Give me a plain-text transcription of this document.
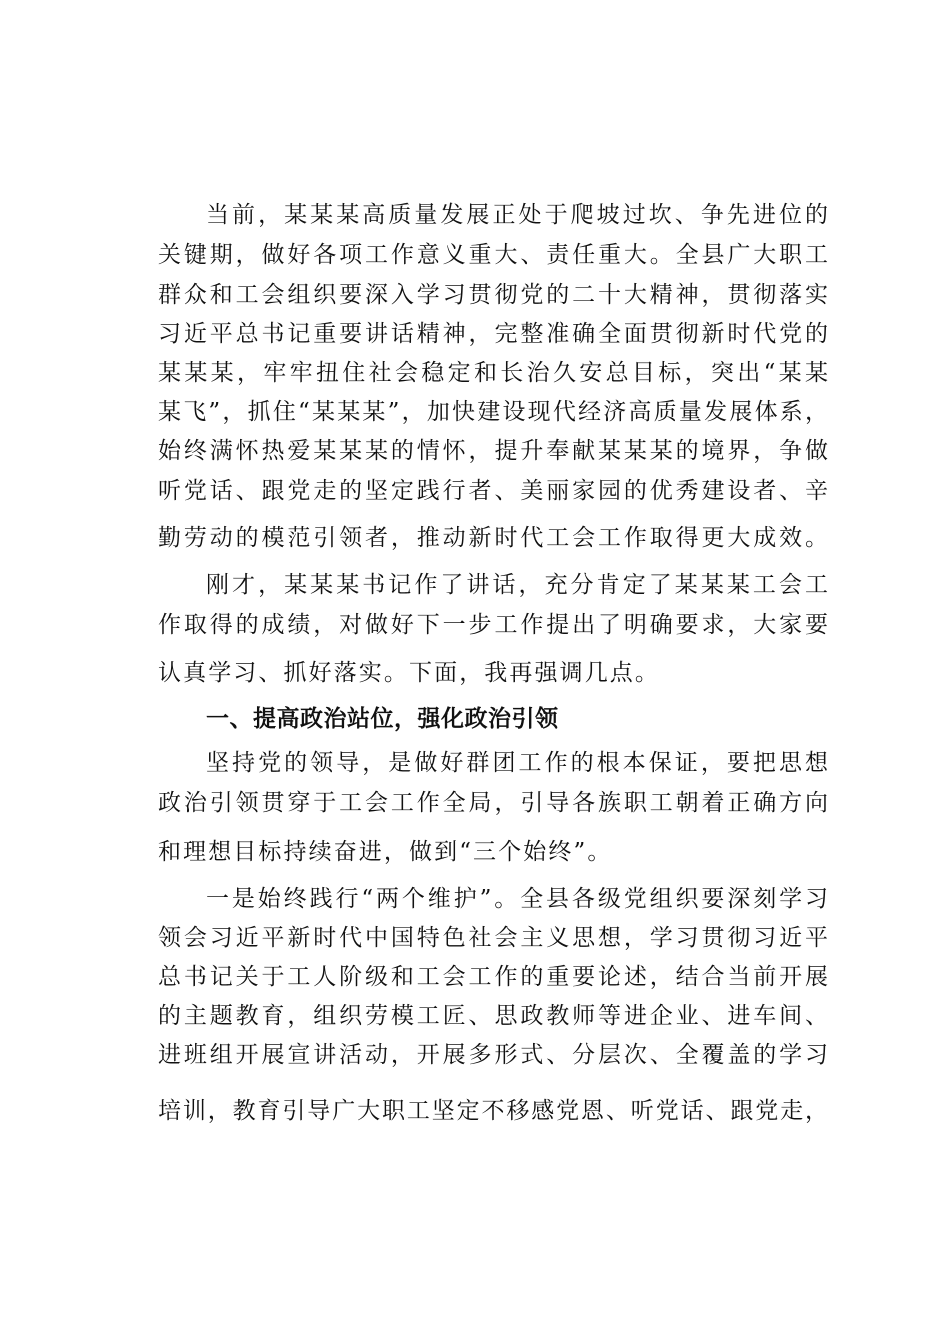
当前，某某某高质量发展正处于爬坡过坎、争先进位的
关键期，做好各项工作意义重大、责任重大。全县广大职工
群众和工会组织要深入学习贯彻党的二十大精神，贯彻落实
习近平总书记重要讲话精神，完整准确全面贯彻新时代党的
某某某，牢牢扭住社会稳定和长治久安总目标，突出“某某
某飞”，抓住“某某某”，加快建设现代经济高质量发展体系，
始终满怀热爱某某某的情怀，提升奉献某某某的境界，争做
听党话、跟党走的坚定践行者、美丽家园的优秀建设者、辛
勤劳动的模范引领者，推动新时代工会工作取得更大成效。
刚才，某某某书记作了讲话，充分肯定了某某某工会工
作取得的成绩，对做好下一步工作提出了明确要求，大家要
认真学习、抓好落实。下面，我再强调几点。
一、提高政治站位，强化政治引领
坚持党的领导，是做好群团工作的根本保证，要把思想
政治引领贯穿于工会工作全局，引导各族职工朝着正确方向
和理想目标持续奋进，做到“三个始终”。
一是始终践行“两个维护”。全县各级党组织要深刻学习
领会习近平新时代中国特色社会主义思想，学习贯彻习近平
总书记关于工人阶级和工会工作的重要论述，结合当前开展
的主题教育，组织劳模工匠、思政教师等进企业、进车间、
进班组开展宣讲活动，开展多形式、分层次、全覆盖的学习
培训，教育引导广大职工坚定不移感党恩、听党话、跟党走，
